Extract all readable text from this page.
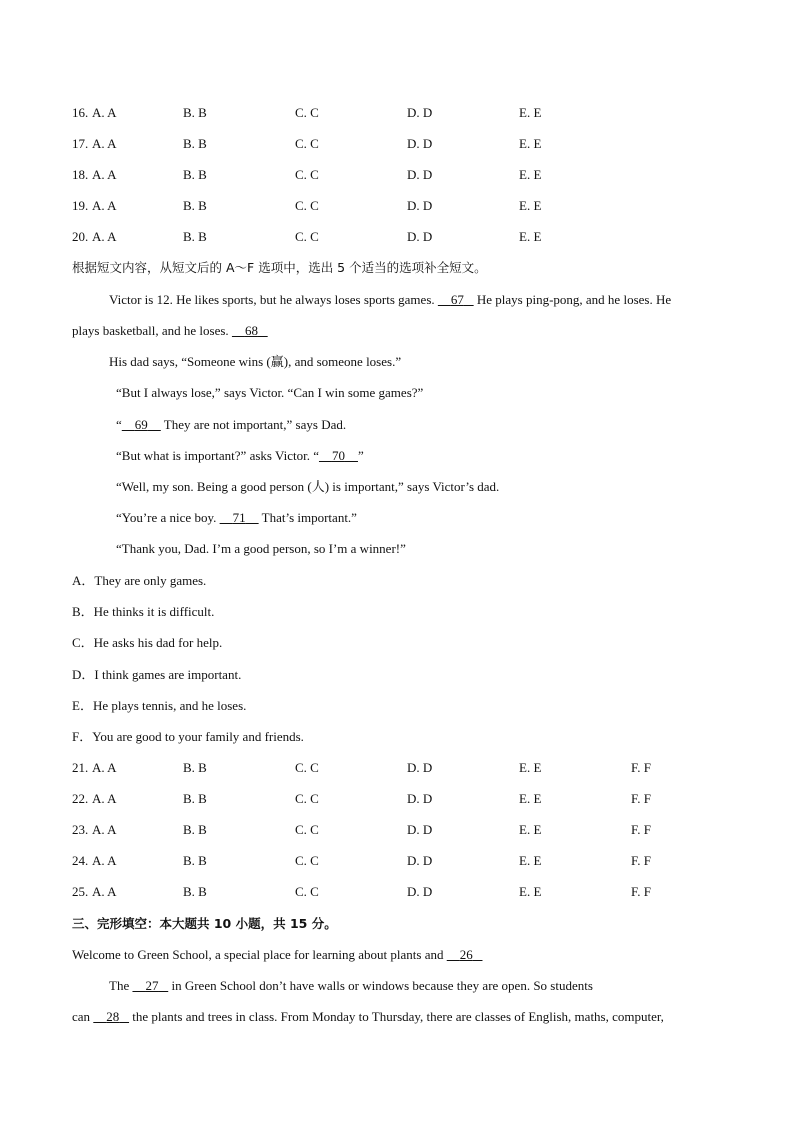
16. A. A	B. B	C. C	D. D	E. E
17. A. A	B. B	C. C	D. D	E. E
18. A. A	B. B	C. C	D. D	E. E
19. A. A	B. B	C. C	D. D	E. E
20. A. A	B. B	C. C	D. D	E. E
根据短文内容，从短文后的 A～F 选项中，选出 5 个适当的选项补全短文。
Victor is 12. He likes sports, but he always loses sports games. 67 He plays ping-pong, and he loses. He
plays basketball, and he loses. 68
His dad says, “Someone wins (赢), and someone loses.”
“But I always lose,” says Victor. “Can I win some games?”
“ 69 They are not important,” says Dad.
“But what is important?” asks Victor. “ 70 ”
“Well, my son. Being a good person (人) is important,” says Victor’s dad.
“You’re a nice boy. 71 That’s important.”
“Thank you, Dad. I’m a good person, so I’m a winner!”
A．They are only games.
B．He thinks it is difficult.
C．He asks his dad for help.
D．I think games are important.
E．He plays tennis, and he loses.
F．You are good to your family and friends.
21. A. A	B. B	C. C	D. D	E. E	F. F
22. A. A	B. B	C. C	D. D	E. E	F. F
23. A. A	B. B	C. C	D. D	E. E	F. F
24. A. A	B. B	C. C	D. D	E. E	F. F
25. A. A	B. B	C. C	D. D	E. E	F. F
三、完形填空：本大题共 10 小题，共 15 分。
Welcome to Green School, a special place for learning about plants and 26
The 27 in Green School don’t have walls or windows because they are open. So students
can 28 the plants and trees in class. From Monday to Thursday, there are classes of English, maths, computer,
